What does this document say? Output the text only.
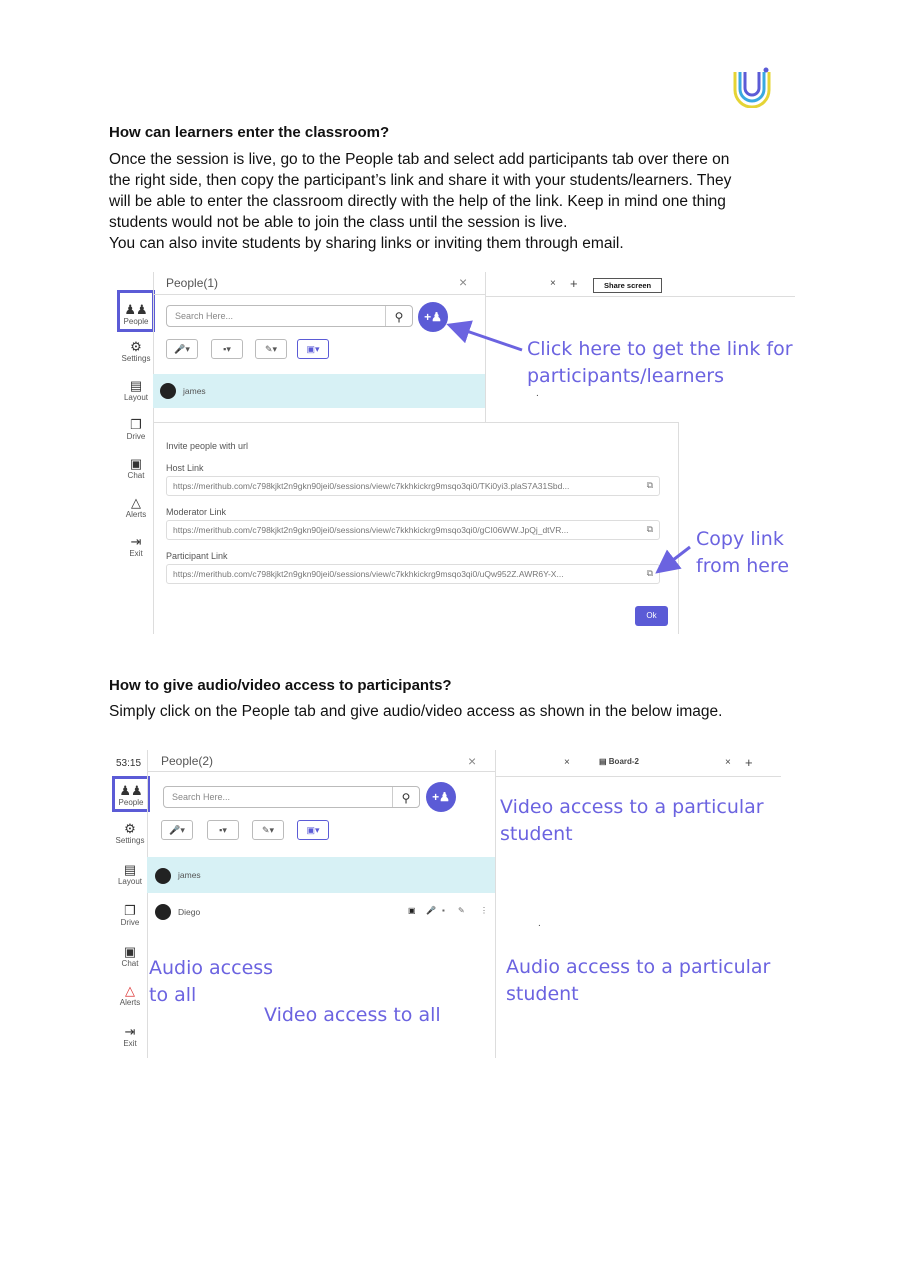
How can learners enter the classroom?
Once the session is live, go to the People tab and select add participants tab over there on
the right side, then copy the participant’s link and share it with your students/learners. They
will be able to enter the classroom directly with the help of the link. Keep in mind one thing
students would not be able to join the class until the session is live.
You can also invite students by sharing links or inviting them through email.
♟♟
People
⚙
Settings
▤
Layout
❐
Drive
▣
Chat
△
Alerts
⇥
Exit
People(1)	×
Search Here...	⚲	+♟
🎤▾	▪▾	✎▾	▣▾
james
× +	Share screen
.
Invite people with url
Host Link
https://merithub.com/c798kjkt2n9gkn90jei0/sessions/view/c7kkhkickrg9msqo3qi0/TKi0yi3.plaS7A31Sbd...	⧉
Moderator Link
https://merithub.com/c798kjkt2n9gkn90jei0/sessions/view/c7kkhkickrg9msqo3qi0/gCI06WW.JpQj_dtVR...	⧉
Participant Link
https://merithub.com/c798kjkt2n9gkn90jei0/sessions/view/c7kkhkickrg9msqo3qi0/uQw952Z.AWR6Y-X...	⧉
Ok
Click here to get the link for
participants/learners
Copy link
from here
How to give audio/video access to participants?
Simply click on the People tab and give audio/video access as shown in the below image.
53:15
♟♟
People
⚙
Settings
▤
Layout
❐
Drive
▣
Chat
△
Alerts
⇥
Exit
People(2)	×
Search Here...	⚲	+♟
🎤▾	▪▾	✎▾	▣▾
james
Diego	▣ 🎤 ▪ ✎ ⋮
×	▤ Board-2	× +
.
Video access to a particular
student
Audio access
to all
Video access to all
Audio access to a particular
student
